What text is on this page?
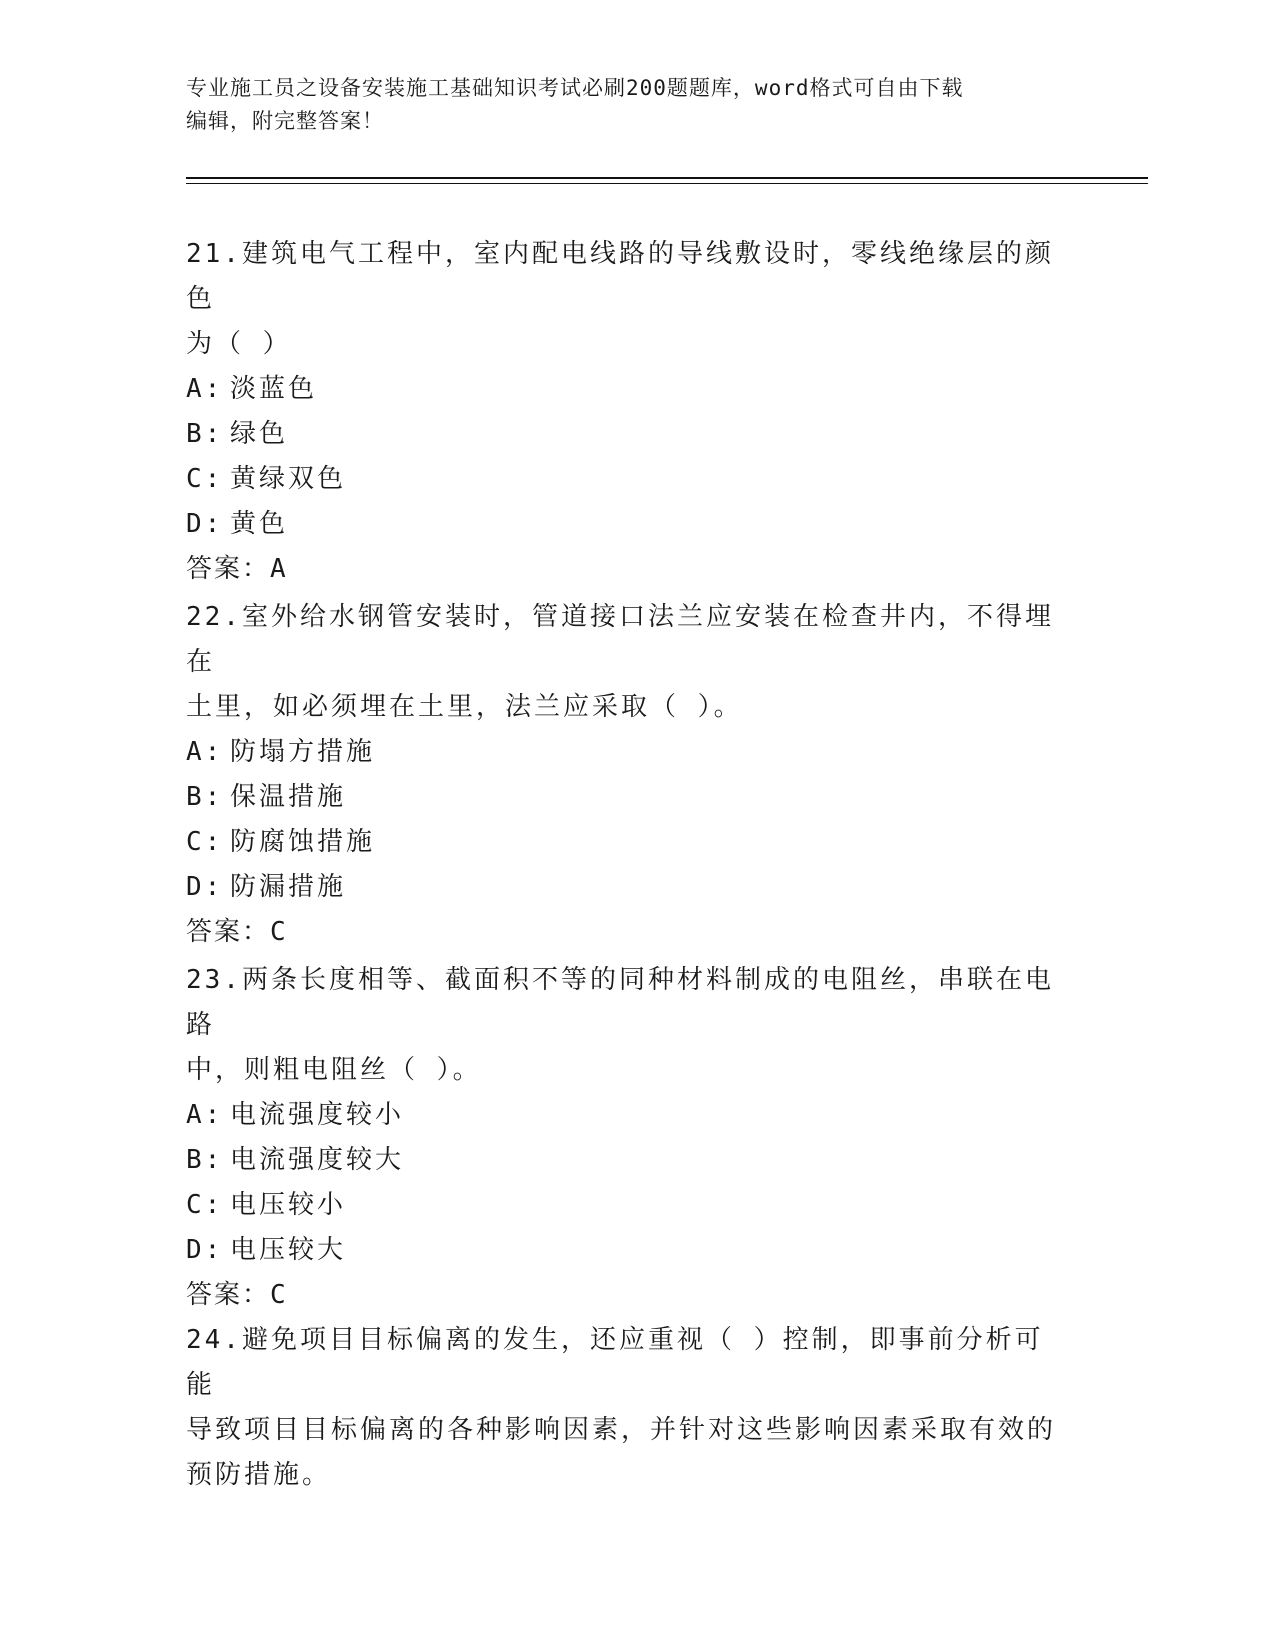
专业施工员之设备安装施工基础知识考试必刷200题题库，word格式可自由下载
编辑，附完整答案！

21.建筑电气工程中，室内配电线路的导线敷设时，零线绝缘层的颜色

为（ ）

A: 淡蓝色

B: 绿色

C: 黄绿双色

D: 黄色

答案：A

22.室外给水钢管安装时，管道接口法兰应安装在检查井内，不得埋在

土里，如必须埋在土里，法兰应采取（ ）。

A: 防塌方措施

B: 保温措施

C: 防腐蚀措施

D: 防漏措施

答案：C

23.两条长度相等、截面积不等的同种材料制成的电阻丝，串联在电路

中，则粗电阻丝（ ）。

A: 电流强度较小

B: 电流强度较大

C: 电压较小

D: 电压较大

答案：C

24.避免项目目标偏离的发生，还应重视（ ）控制，即事前分析可能

导致项目目标偏离的各种影响因素，并针对这些影响因素采取有效的

预防措施。
